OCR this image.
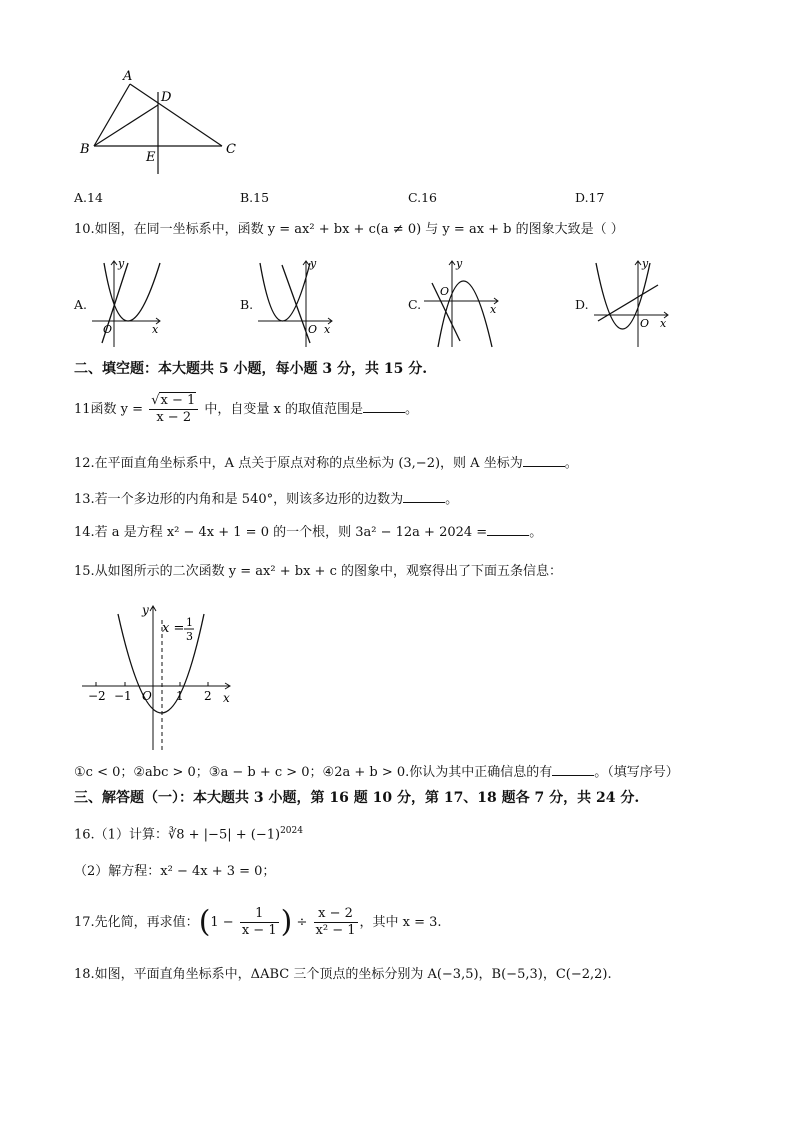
A
D
B
E
C
A.14	B.15	C.16	D.17
10.如图，在同一坐标系中，函数 y = ax² + bx + c(a ≠ 0) 与 y = ax + b 的图象大致是（ ）
A.	B.	C.	D.
y
x
O
y
x
O
y
x
O
y
x
O
二、填空题：本大题共 5 小题，每小题 3 分，共 15 分.
11函数 $y = \frac{√x - 1}{x - 2}$ 中，自变量 x 的取值范围是	。
12.在平面直角坐标系中，A 点关于原点对称的点坐标为 (3,−2)，则 A 坐标为	。
13.若一个多边形的内角和是 540°，则该多边形的边数为	。
14.若 a 是方程 x² − 4x + 1 = 0 的一个根，则 3a² − 12a + 2024 =	。
15.从如图所示的二次函数 y = ax² + bx + c 的图象中，观察得出了下面五条信息：
y
x
O
−2 −1	1 2
x = 1
3
①c < 0；②abc > 0；③a − b + c > 0；④2a + b > 0.你认为其中正确信息的有	。（填写序号）
三、解答题（一）：本大题共 3 小题，第 16 题 10 分，第 17、18 题各 7 分，共 24 分.
16.（1）计算：∛8 + $|-5| + (-1)^{2024}$
（2）解方程：x² − 4x + 3 = 0；
17.先化简，再求值：($1 - \frac{1}{x - 1}$ ) ÷ $\frac{x - 2}{\text{x² − 1}}$ ，其中 x = 3.
18.如图，平面直角坐标系中，ΔABC 三个顶点的坐标分别为 A(−3,5)，B(−5,3)，C(−2,2).
